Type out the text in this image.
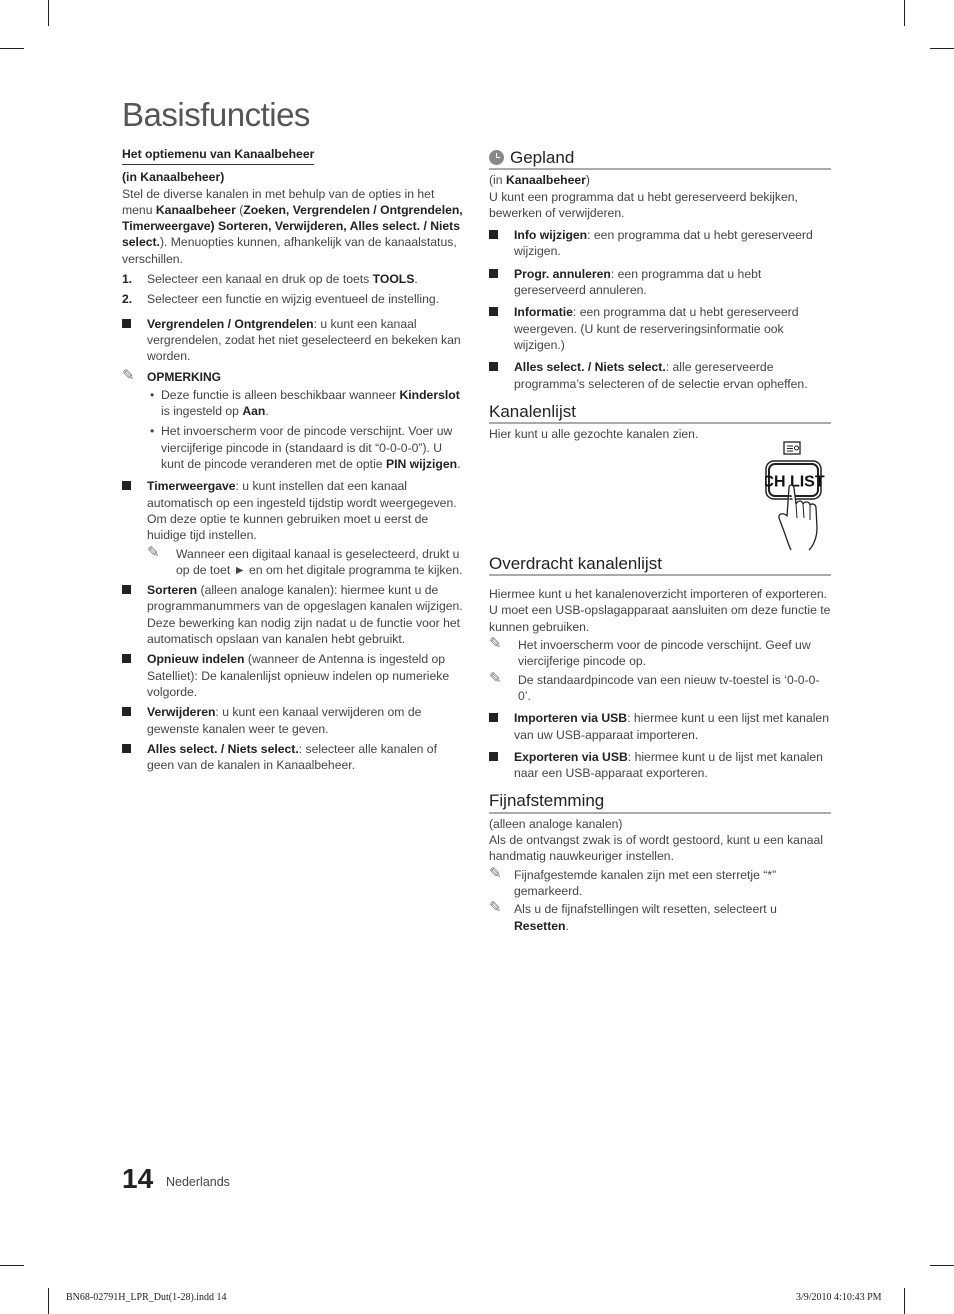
Basisfuncties
Het optiemenu van Kanaalbeheer

(in Kanaalbeheer)

Stel de diverse kanalen in met behulp van de opties in het menu Kanaalbeheer (Zoeken, Vergrendelen / Ontgrendelen, Timerweergave) Sorteren, Verwijderen, Alles select. / Niets select.). Menuopties kunnen, afhankelijk van de kanaalstatus, verschillen.

1. Selecteer een kanaal en druk op de toets TOOLS.
2. Selecteer een functie en wijzig eventueel de instelling.
Vergrendelen / Ontgrendelen: u kunt een kanaal vergrendelen, zodat het niet geselecteerd en bekeken kan worden.
✎ OPMERKING
• Deze functie is alleen beschikbaar wanneer Kinderslot is ingesteld op Aan.
• Het invoerscherm voor de pincode verschijnt. Voer uw viercijferige pincode in (standaard is dit “0-0-0-0”). U kunt de pincode veranderen met de optie PIN wijzigen.
Timerweergave: u kunt instellen dat een kanaal automatisch op een ingesteld tijdstip wordt weergegeven. Om deze optie te kunnen gebruiken moet u eerst de huidige tijd instellen.
✎ Wanneer een digitaal kanaal is geselecteerd, drukt u op de toet ► en om het digitale programma te kijken.
Sorteren (alleen analoge kanalen): hiermee kunt u de programmanummers van de opgeslagen kanalen wijzigen. Deze bewerking kan nodig zijn nadat u de functie voor het automatisch opslaan van kanalen hebt gebruikt.
Opnieuw indelen (wanneer de Antenna is ingesteld op Satelliet): De kanalenlijst opnieuw indelen op numerieke volgorde.
Verwijderen: u kunt een kanaal verwijderen om de gewenste kanalen weer te geven.
Alles select. / Niets select.: selecteer alle kanalen of geen van de kanalen in Kanaalbeheer.
Gepland

(in Kanaalbeheer)

U kunt een programma dat u hebt gereserveerd bekijken, bewerken of verwijderen.

Info wijzigen: een programma dat u hebt gereserveerd wijzigen.
Progr. annuleren: een programma dat u hebt gereserveerd annuleren.
Informatie: een programma dat u hebt gereserveerd weergeven. (U kunt de reserveringsinformatie ook wijzigen.)
Alles select. / Niets select.: alle gereserveerde programma’s selecteren of de selectie ervan opheffen.
Kanalenlijst

Hier kunt u alle gezochte kanalen zien.

Overdracht kanalenlijst

Hiermee kunt u het kanalenoverzicht importeren of exporteren. U moet een USB-opslagapparaat aansluiten om deze functie te kunnen gebruiken.

✎ Het invoerscherm voor de pincode verschijnt. Geef uw viercijferige pincode op.
✎ De standaardpincode van een nieuw tv-toestel is ‘0-0-0-0’.
Importeren via USB: hiermee kunt u een lijst met kanalen van uw USB-apparaat importeren.
Exporteren via USB: hiermee kunt u de lijst met kanalen naar een USB-apparaat exporteren.
Fijnafstemming

(alleen analoge kanalen)

Als de ontvangst zwak is of wordt gestoord, kunt u een kanaal handmatig nauwkeuriger instellen.

✎ Fijnafgestemde kanalen zijn met een sterretje “*” gemarkeerd.
✎ Als u de fijnafstellingen wilt resetten, selecteert u Resetten.
CH LIST
14 Nederlands
BN68-02791H_LPR_Dut(1-28).indd 14	3/9/2010 4:10:43 PM
